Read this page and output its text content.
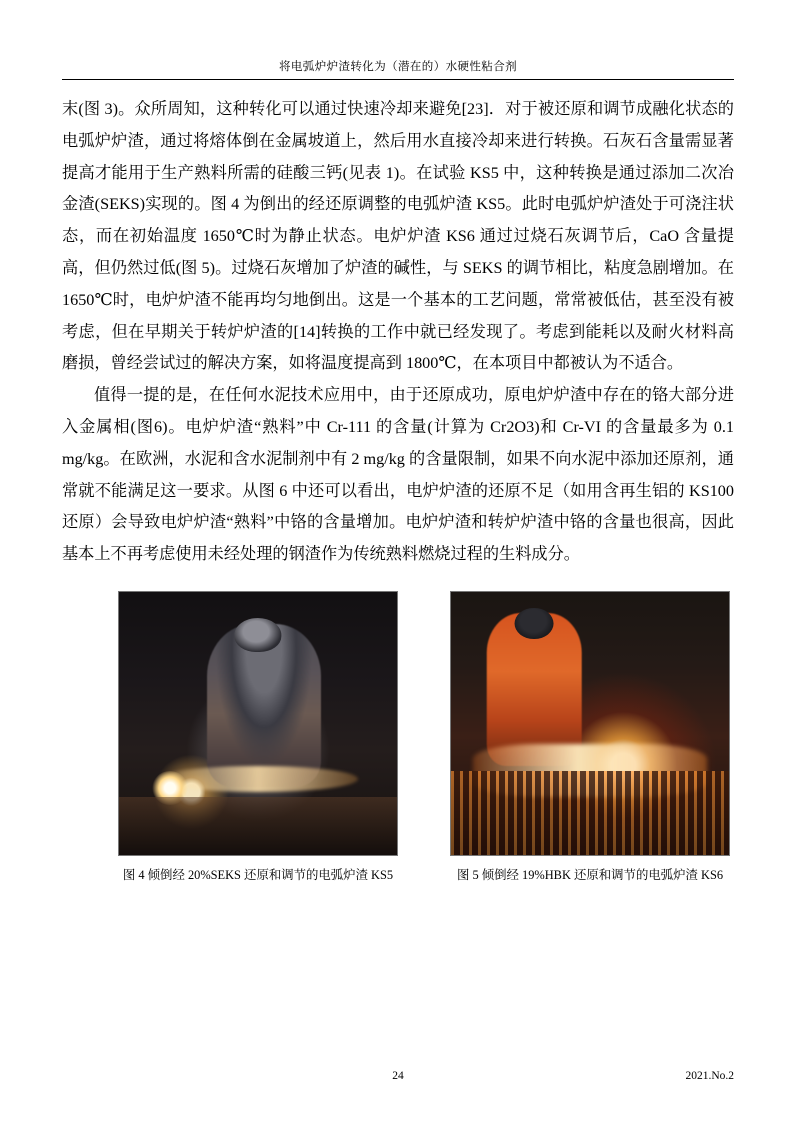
将电弧炉炉渣转化为（潜在的）水硬性粘合剂

末(图 3)。众所周知，这种转化可以通过快速冷却来避免[23]．对于被还原和调节成融化状态的电弧炉炉渣，通过将熔体倒在金属坡道上，然后用水直接冷却来进行转换。石灰石含量需显著提高才能用于生产熟料所需的硅酸三钙(见表 1)。在试验 KS5 中，这种转换是通过添加二次冶金渣(SEKS)实现的。图 4 为倒出的经还原调整的电弧炉渣 KS5。此时电弧炉炉渣处于可浇注状态，而在初始温度 1650℃时为静止状态。电炉炉渣 KS6 通过过烧石灰调节后，CaO 含量提高，但仍然过低(图 5)。过烧石灰增加了炉渣的碱性，与 SEKS 的调节相比，粘度急剧增加。在 1650℃时，电炉炉渣不能再均匀地倒出。这是一个基本的工艺问题，常常被低估，甚至没有被考虑，但在早期关于转炉炉渣的[14]转换的工作中就已经发现了。考虑到能耗以及耐火材料高磨损，曾经尝试过的解决方案，如将温度提高到 1800℃，在本项目中都被认为不适合。

值得一提的是，在任何水泥技术应用中，由于还原成功，原电炉炉渣中存在的铬大部分进入金属相(图6)。电炉炉渣“熟料”中 Cr-111 的含量(计算为 Cr2O3)和 Cr-VI 的含量最多为 0.1 mg/kg。在欧洲，水泥和含水泥制剂中有 2 mg/kg 的含量限制，如果不向水泥中添加还原剂，通常就不能满足这一要求。从图 6 中还可以看出，电炉炉渣的还原不足（如用含再生铝的 KS100 还原）会导致电炉炉渣“熟料”中铬的含量增加。电炉炉渣和转炉炉渣中铬的含量也很高，因此基本上不再考虑使用未经处理的钢渣作为传统熟料燃烧过程的生料成分。

图 4 倾倒经 20%SEKS 还原和调节的电弧炉渣 KS5	图 5 倾倒经 19%HBK 还原和调节的电弧炉渣 KS6
24	2021.No.2
